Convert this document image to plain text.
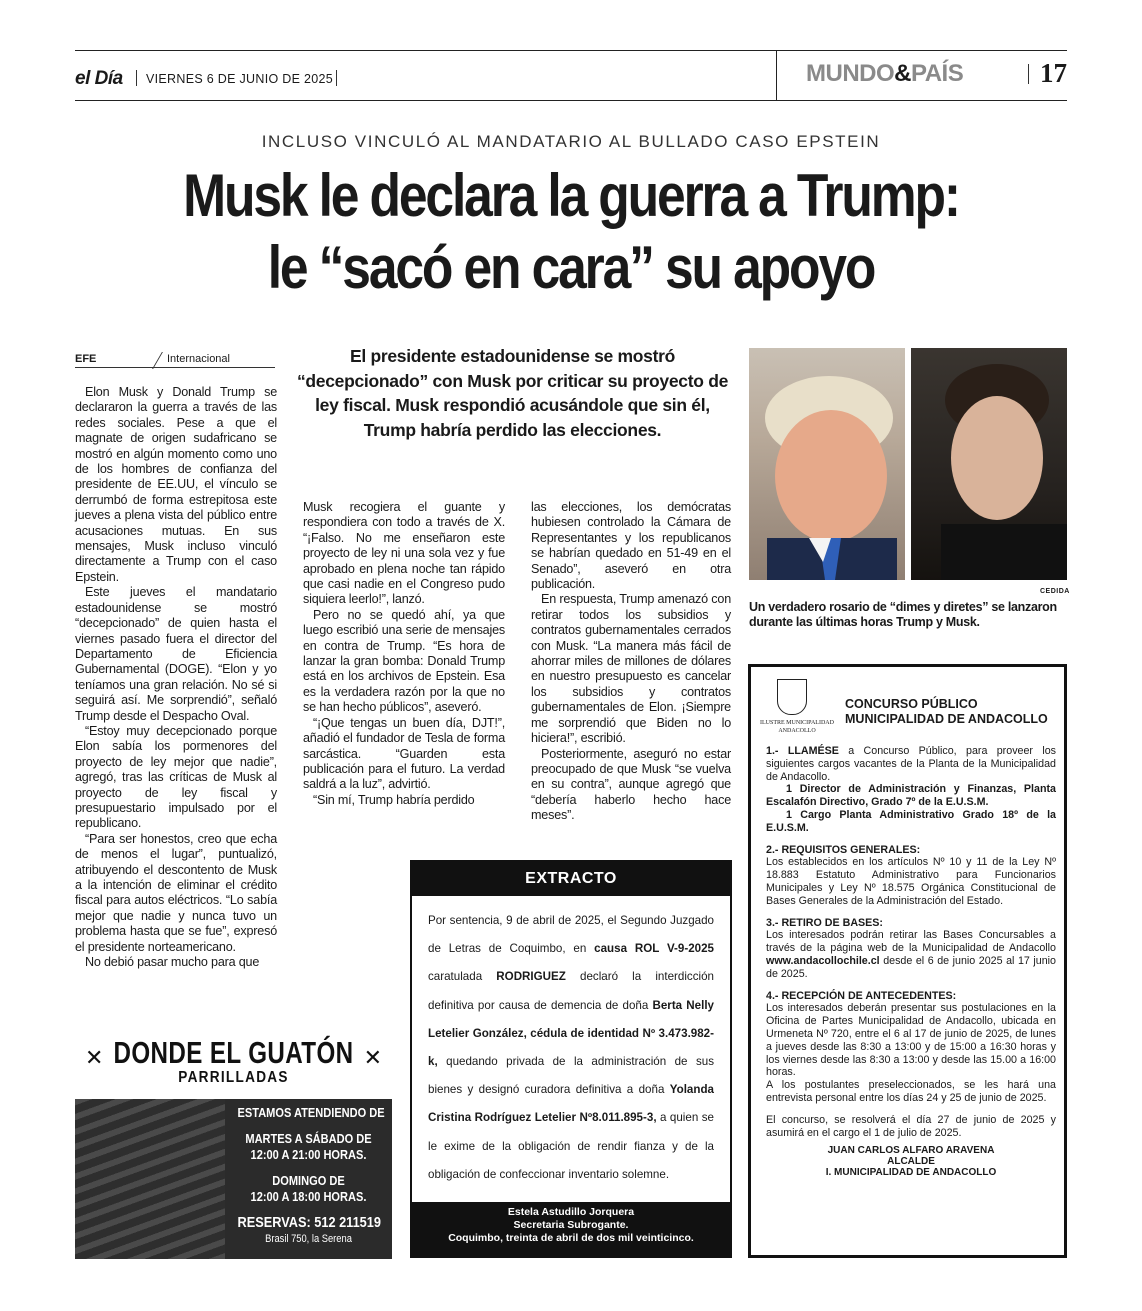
el Día VIERNES 6 DE JUNIO DE 2025	MUNDO&PAÍS	17
INCLUSO VINCULÓ AL MANDATARIO AL BULLADO CASO EPSTEIN
Musk le declara la guerra a Trump:
le “sacó en cara” su apoyo
EFE	Internacional	El presidente estadounidense se mostró “decepcionado” con Musk por criticar su proyecto de ley fiscal. Musk respondió acusándole que sin él, Trump habría perdido las elecciones.

Elon Musk y Donald Trump se declararon la guerra a través de las redes sociales. Pese a que el magnate de origen sudafricano se mostró en algún momento como uno de los hombres de confianza del presidente de EE.UU, el vínculo se derrumbó de forma estrepitosa este jueves a plena vista del público entre acusaciones mutuas. En sus mensajes, Musk incluso vinculó directamente a Trump con el caso Epstein.

Este jueves el mandatario estadounidense se mostró “decepcionado” de quien hasta el viernes pasado fuera el director del Departamento de Eficiencia Gubernamental (DOGE). “Elon y yo teníamos una gran relación. No sé si seguirá así. Me sorprendió”, señaló Trump desde el Despacho Oval.

“Estoy muy decepcionado porque Elon sabía los pormenores del proyecto de ley mejor que nadie”, agregó, tras las críticas de Musk al proyecto de ley fiscal y presupuestario impulsado por el republicano.

“Para ser honestos, creo que echa de menos el lugar”, puntualizó, atribuyendo el descontento de Musk a la intención de eliminar el crédito fiscal para autos eléctricos. “Lo sabía mejor que nadie y nunca tuvo un problema hasta que se fue”, expresó el presidente norteamericano.

No debió pasar mucho para que

Musk recogiera el guante y respondiera con todo a través de X. “¡Falso. No me enseñaron este proyecto de ley ni una sola vez y fue aprobado en plena noche tan rápido que casi nadie en el Congreso pudo siquiera leerlo!”, lanzó.

Pero no se quedó ahí, ya que luego escribió una serie de mensajes en contra de Trump. “Es hora de lanzar la gran bomba: Donald Trump está en los archivos de Epstein. Esa es la verdadera razón por la que no se han hecho públicos”, aseveró.

“¡Que tengas un buen día, DJT!”, añadió el fundador de Tesla de forma sarcástica. “Guarden esta publicación para el futuro. La verdad saldrá a la luz”, advirtió.

“Sin mí, Trump habría perdido

las elecciones, los demócratas hubiesen controlado la Cámara de Representantes y los republicanos se habrían quedado en 51-49 en el Senado”, aseveró en otra publicación.

En respuesta, Trump amenazó con retirar todos los subsidios y contratos gubernamentales cerrados con Musk. “La manera más fácil de ahorrar miles de millones de dólares en nuestro presupuesto es cancelar los subsidios y contratos gubernamentales de Elon. ¡Siempre me sorprendió que Biden no lo hiciera!”, escribió.

Posteriormente, aseguró no estar preocupado de que Musk “se vuelva en su contra”, aunque agregó que “debería haberlo hecho hace meses”.

CEDIDA
Un verdadero rosario de “dimes y diretes” se lanzaron durante las últimas horas Trump y Musk.
EXTRACTO
Por sentencia, 9 de abril de 2025, el Segundo Juzgado de Letras de Coquimbo, en causa ROL V-9-2025 caratulada RODRIGUEZ declaró la interdicción definitiva por causa de demencia de doña Berta Nelly Letelier González, cédula de identidad Nº 3.473.982-k, quedando privada de la administración de sus bienes y designó curadora definitiva a doña Yolanda Cristina Rodríguez Letelier Nº8.011.895-3, a quien se le exime de la obligación de rendir fianza y de la obligación de confeccionar inventario solemne.
Estela Astudillo Jorquera
Secretaria Subrogante.
Coquimbo, treinta de abril de dos mil veinticinco.
✕ DONDE EL GUATÓN ✕
PARRILLADAS
ESTAMOS ATENDIENDO DE
MARTES A SÁBADO DE
12:00 A 21:00 HORAS.
DOMINGO DE
12:00 A 18:00 HORAS.
RESERVAS: 512 211519
Brasil 750, la Serena
ILUSTRE MUNICIPALIDAD
ANDACOLLO
CONCURSO PÚBLICO
MUNICIPALIDAD DE ANDACOLLO

1.- LLAMÉSE a Concurso Público, para proveer los siguientes cargos vacantes de la Planta de la Municipalidad de Andacollo.

1 Director de Administración y Finanzas, Planta Escalafón Directivo, Grado 7º de la E.U.S.M.

1 Cargo Planta Administrativo Grado 18º de la E.U.S.M.

2.- REQUISITOS GENERALES:

Los establecidos en los artículos Nº 10 y 11 de la Ley Nº 18.883 Estatuto Administrativo para Funcionarios Municipales y Ley Nº 18.575 Orgánica Constitucional de Bases Generales de la Administración del Estado.

3.- RETIRO DE BASES:

Los interesados podrán retirar las Bases Concursables a través de la página web de la Municipalidad de Andacollo www.andacollochile.cl desde el 6 de junio 2025 al 17 junio de 2025.

4.- RECEPCIÓN DE ANTECEDENTES:

Los interesados deberán presentar sus postulaciones en la Oficina de Partes Municipalidad de Andacollo, ubicada en Urmeneta Nº 720, entre el 6 al 17 de junio de 2025, de lunes a jueves desde las 8:30 a 13:00 y de 15:00 a 16:30 horas y los viernes desde las 8:30 a 13:00 y desde las 15.00 a 16:00 horas.

A los postulantes preseleccionados, se les hará una entrevista personal entre los días 24 y 25 de junio de 2025.

El concurso, se resolverá el día 27 de junio de 2025 y asumirá en el cargo el 1 de julio de 2025.

JUAN CARLOS ALFARO ARAVENA

ALCALDE

I. MUNICIPALIDAD DE ANDACOLLO
